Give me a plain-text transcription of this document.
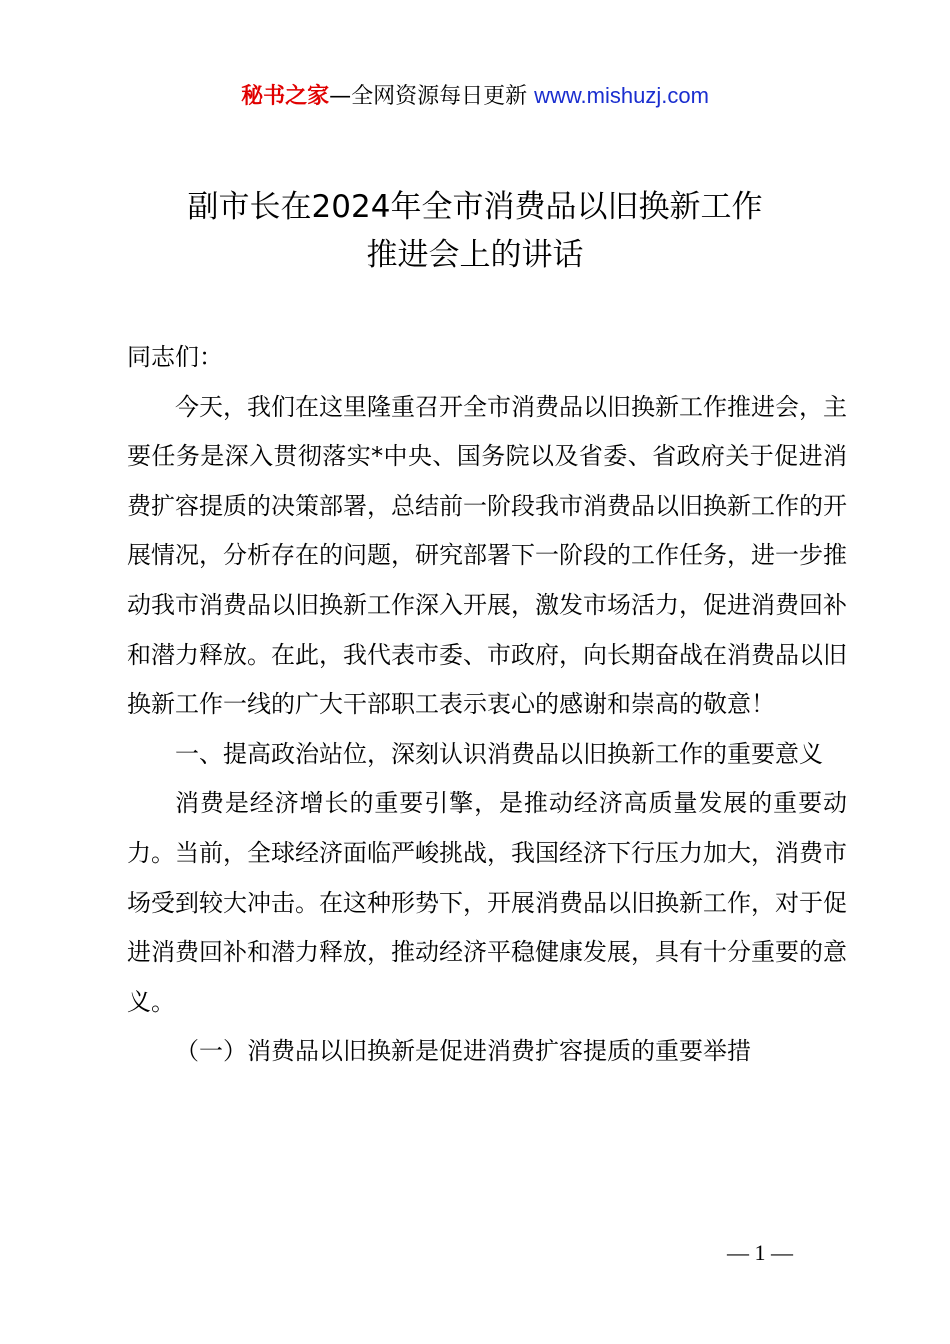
秘书之家—全网资源每日更新 www.mishuzj.com
副市长在2024年全市消费品以旧换新工作
推进会上的讲话

同志们：

今天，我们在这里隆重召开全市消费品以旧换新工作推进会，主要任务是深入贯彻落实*中央、国务院以及省委、省政府关于促进消费扩容提质的决策部署，总结前一阶段我市消费品以旧换新工作的开展情况，分析存在的问题，研究部署下一阶段的工作任务，进一步推动我市消费品以旧换新工作深入开展，激发市场活力，促进消费回补和潜力释放。在此，我代表市委、市政府，向长期奋战在消费品以旧换新工作一线的广大干部职工表示衷心的感谢和崇高的敬意！

一、提高政治站位，深刻认识消费品以旧换新工作的重要意义

消费是经济增长的重要引擎，是推动经济高质量发展的重要动力。当前，全球经济面临严峻挑战，我国经济下行压力加大，消费市场受到较大冲击。在这种形势下，开展消费品以旧换新工作，对于促进消费回补和潜力释放，推动经济平稳健康发展，具有十分重要的意义。

（一）消费品以旧换新是促进消费扩容提质的重要举措

— 1 —
